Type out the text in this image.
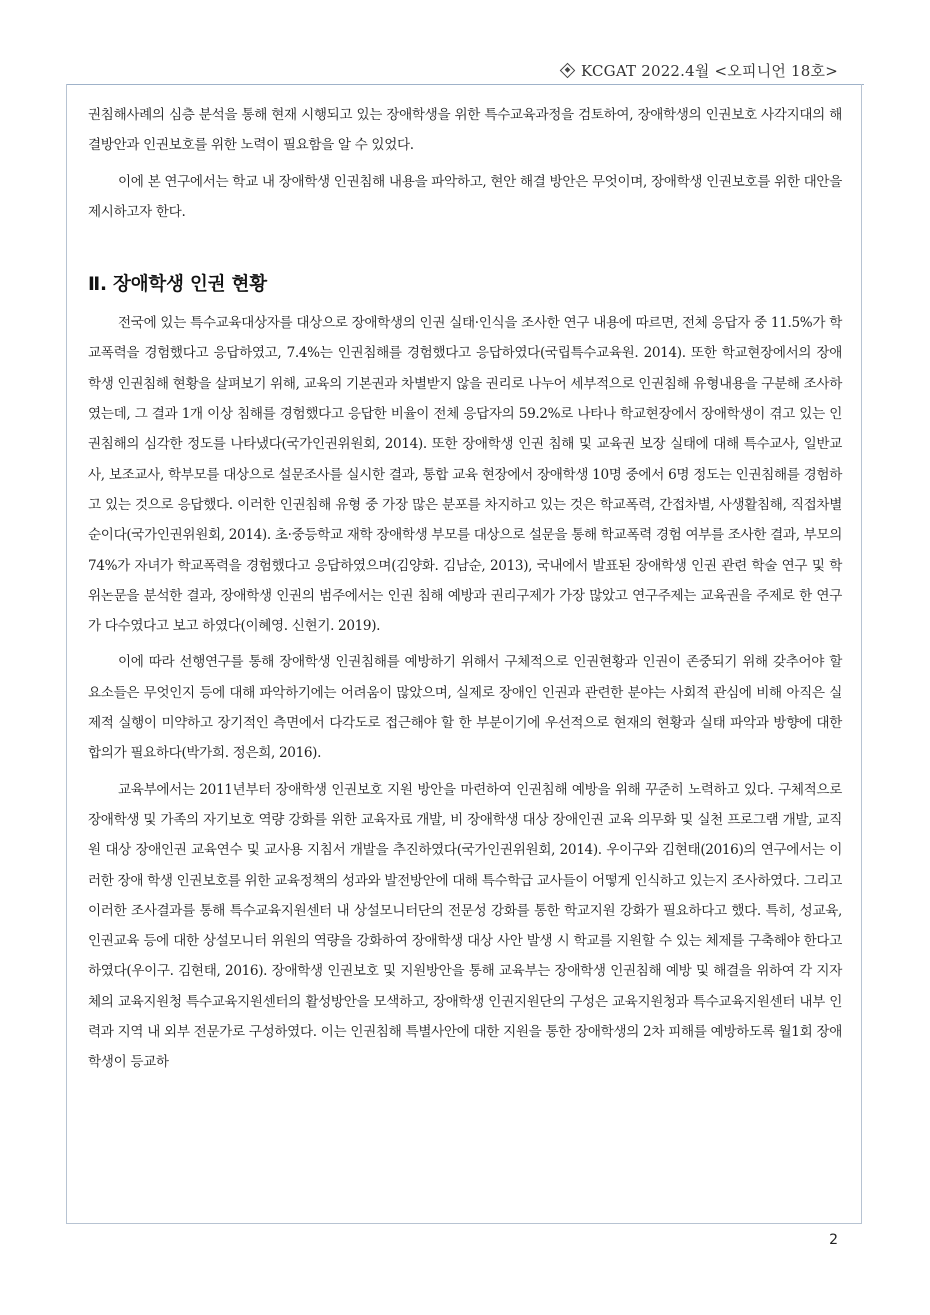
KCGAT 2022.4월 <오피니언 18호>

권침해사례의 심층 분석을 통해 현재 시행되고 있는 장애학생을 위한 특수교육과정을 검토하여, 장애학생의 인권보호 사각지대의 해결방안과 인권보호를 위한 노력이 필요함을 알 수 있었다.

이에 본 연구에서는 학교 내 장애학생 인권침해 내용을 파악하고, 현안 해결 방안은 무엇이며, 장애학생 인권보호를 위한 대안을 제시하고자 한다.

Ⅱ. 장애학생 인권 현황

전국에 있는 특수교육대상자를 대상으로 장애학생의 인권 실태·인식을 조사한 연구 내용에 따르면, 전체 응답자 중 11.5%가 학교폭력을 경험했다고 응답하였고, 7.4%는 인권침해를 경험했다고 응답하였다(국립특수교육원. 2014). 또한 학교현장에서의 장애학생 인권침해 현황을 살펴보기 위해, 교육의 기본권과 차별받지 않을 권리로 나누어 세부적으로 인권침해 유형내용을 구분해 조사하였는데, 그 결과 1개 이상 침해를 경험했다고 응답한 비율이 전체 응답자의 59.2%로 나타나 학교현장에서 장애학생이 겪고 있는 인권침해의 심각한 정도를 나타냈다(국가인권위원회, 2014). 또한 장애학생 인권 침해 및 교육권 보장 실태에 대해 특수교사, 일반교사, 보조교사, 학부모를 대상으로 설문조사를 실시한 결과, 통합 교육 현장에서 장애학생 10명 중에서 6명 정도는 인권침해를 경험하고 있는 것으로 응답했다. 이러한 인권침해 유형 중 가장 많은 분포를 차지하고 있는 것은 학교폭력, 간접차별, 사생활침해, 직접차별 순이다(국가인권위원회, 2014). 초·중등학교 재학 장애학생 부모를 대상으로 설문을 통해 학교폭력 경험 여부를 조사한 결과, 부모의 74%가 자녀가 학교폭력을 경험했다고 응답하였으며(김양화. 김남순, 2013), 국내에서 발표된 장애학생 인권 관련 학술 연구 및 학위논문을 분석한 결과, 장애학생 인권의 범주에서는 인권 침해 예방과 권리구제가 가장 많았고 연구주제는 교육권을 주제로 한 연구가 다수였다고 보고 하였다(이혜영. 신현기. 2019).

이에 따라 선행연구를 통해 장애학생 인권침해를 예방하기 위해서 구체적으로 인권현황과 인권이 존중되기 위해 갖추어야 할 요소들은 무엇인지 등에 대해 파악하기에는 어려움이 많았으며, 실제로 장애인 인권과 관련한 분야는 사회적 관심에 비해 아직은 실제적 실행이 미약하고 장기적인 측면에서 다각도로 접근해야 할 한 부분이기에 우선적으로 현재의 현황과 실태 파악과 방향에 대한 합의가 필요하다(박가희. 정은희, 2016).

교육부에서는 2011년부터 장애학생 인권보호 지원 방안을 마련하여 인권침해 예방을 위해 꾸준히 노력하고 있다. 구체적으로 장애학생 및 가족의 자기보호 역량 강화를 위한 교육자료 개발, 비 장애학생 대상 장애인권 교육 의무화 및 실천 프로그램 개발, 교직원 대상 장애인권 교육연수 및 교사용 지침서 개발을 추진하였다(국가인권위원회, 2014). 우이구와 김현태(2016)의 연구에서는 이러한 장애 학생 인권보호를 위한 교육정책의 성과와 발전방안에 대해 특수학급 교사들이 어떻게 인식하고 있는지 조사하였다. 그리고 이러한 조사결과를 통해 특수교육지원센터 내 상설모니터단의 전문성 강화를 통한 학교지원 강화가 필요하다고 했다. 특히, 성교육, 인권교육 등에 대한 상설모니터 위원의 역량을 강화하여 장애학생 대상 사안 발생 시 학교를 지원할 수 있는 체제를 구축해야 한다고 하였다(우이구. 김현태, 2016). 장애학생 인권보호 및 지원방안을 통해 교육부는 장애학생 인권침해 예방 및 해결을 위하여 각 지자체의 교육지원청 특수교육지원센터의 활성방안을 모색하고, 장애학생 인권지원단의 구성은 교육지원청과 특수교육지원센터 내부 인력과 지역 내 외부 전문가로 구성하였다. 이는 인권침해 특별사안에 대한 지원을 통한 장애학생의 2차 피해를 예방하도록 월1회 장애학생이 등교하

2
